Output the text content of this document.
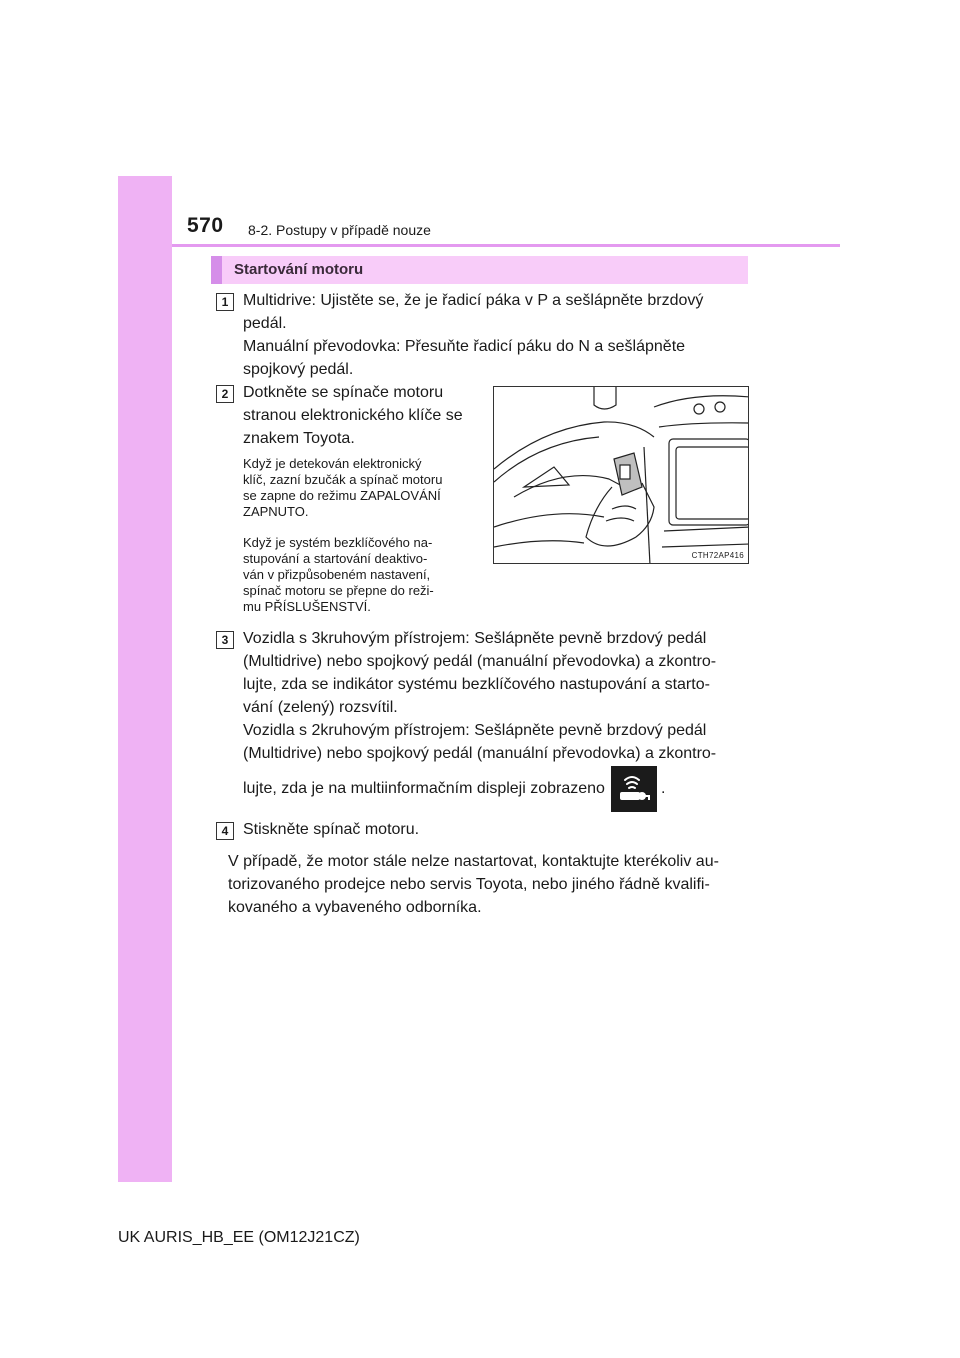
570 8-2. Postupy v případě nouze
Startování motoru
1 Multidrive: Ujistěte se, že je řadicí páka v P a sešlápněte brzdový
pedál.
Manuální převodovka: Přesuňte řadicí páku do N a sešlápněte
spojkový pedál.
2 Dotkněte se spínače motoru
stranou elektronického klíče se
znakem Toyota.
Když je detekován elektronický
klíč, zazní bzučák a spínač motoru
se zapne do režimu ZAPALOVÁNÍ
ZAPNUTO.
Když je systém bezklíčového na-
stupování a startování deaktivo-
ván v přizpůsobeném nastavení,
spínač motoru se přepne do reži-
mu PŘÍSLUŠENSTVÍ.
CTH72AP416
3 Vozidla s 3kruhovým přístrojem: Sešlápněte pevně brzdový pedál
(Multidrive) nebo spojkový pedál (manuální převodovka) a zkontro-
lujte, zda se indikátor systému bezklíčového nastupování a starto-
vání (zelený) rozsvítil.
Vozidla s 2kruhovým přístrojem: Sešlápněte pevně brzdový pedál
(Multidrive) nebo spojkový pedál (manuální převodovka) a zkontro-
lujte, zda je na multiinformačním displeji zobrazeno	.
4 Stiskněte spínač motoru.
V případě, že motor stále nelze nastartovat, kontaktujte kterékoliv au-
torizovaného prodejce nebo servis Toyota, nebo jiného řádně kvalifi-
kovaného a vybaveného odborníka.
UK AURIS_HB_EE (OM12J21CZ)
